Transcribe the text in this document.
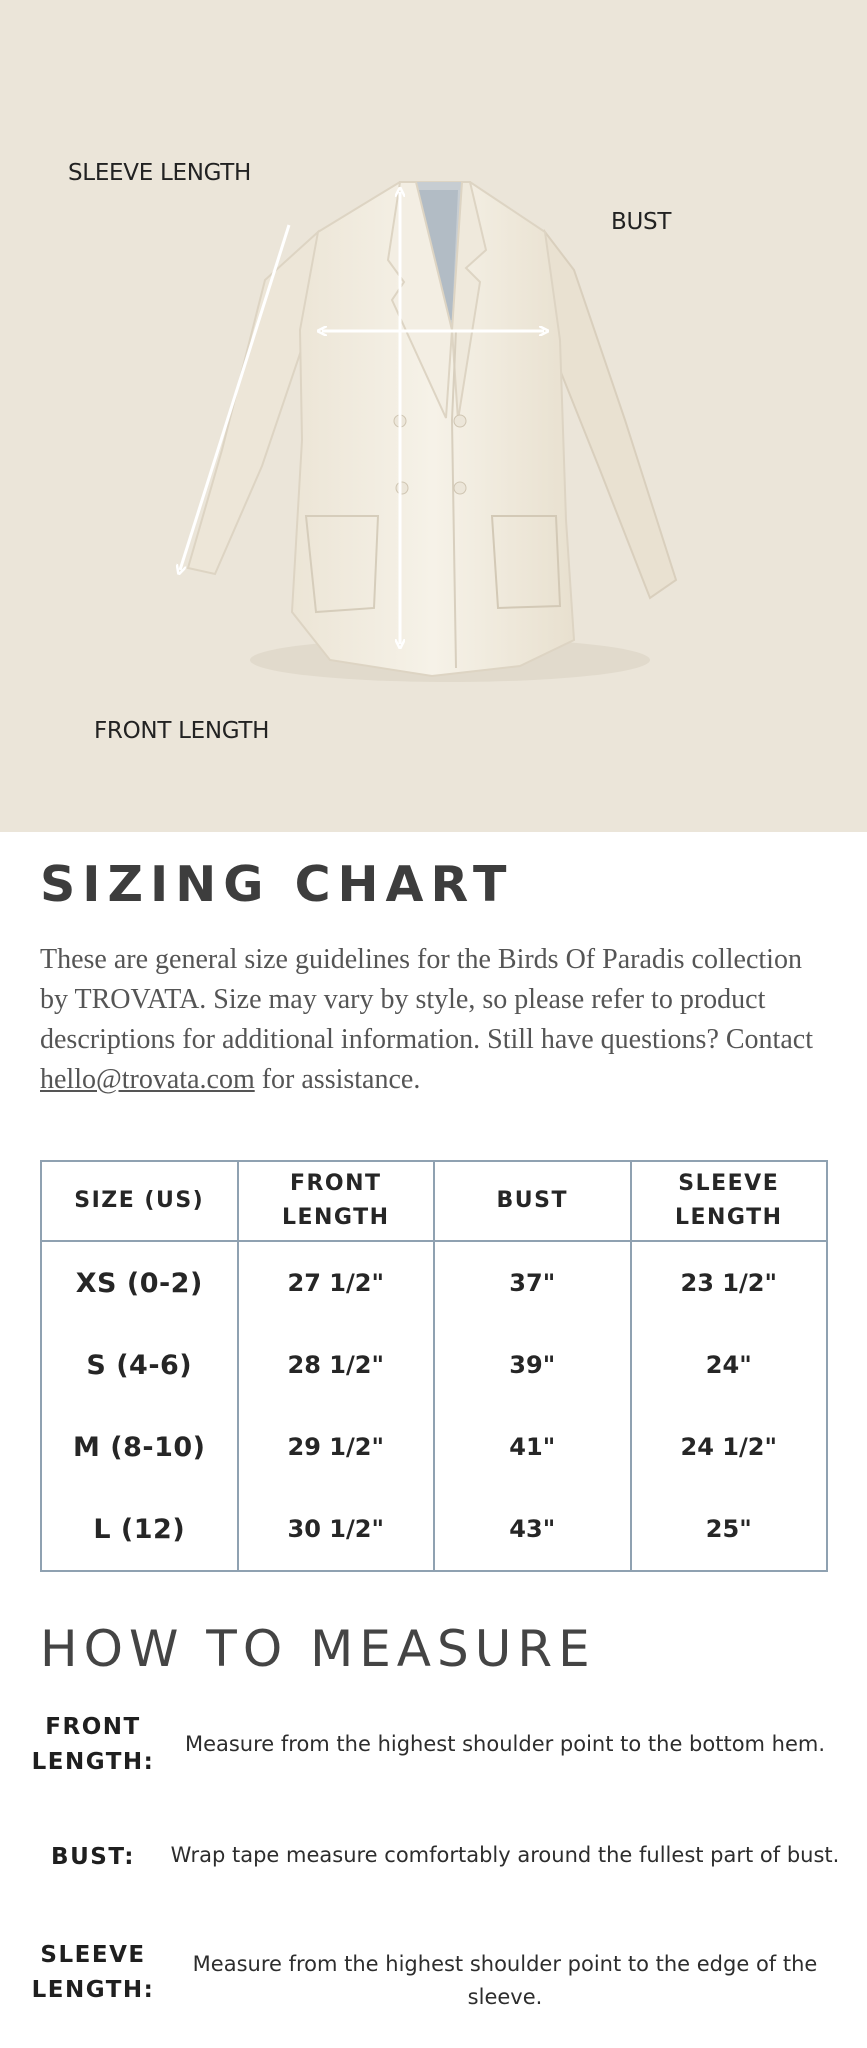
SLEEVE LENGTH
BUST
FRONT LENGTH
SIZING CHART

These are general size guidelines for the Birds Of Paradis collection by TROVATA. Size may vary by style, so please refer to product descriptions for additional information. Still have questions? Contact hello@trovata.com for assistance.

SIZE (US)	FRONT LENGTH	BUST	SLEEVE LENGTH
XS (0-2)	27 1/2"	37"	23 1/2"
S (4-6)	28 1/2"	39"	24"
M (8-10)	29 1/2"	41"	24 1/2"
L (12)	30 1/2"	43"	25"
HOW TO MEASURE
FRONT LENGTH:
Measure from the highest shoulder point to the bottom hem.
BUST:	Wrap tape measure comfortably around the fullest part of bust.
SLEEVE LENGTH:
Measure from the highest shoulder point to the edge of the sleeve.
